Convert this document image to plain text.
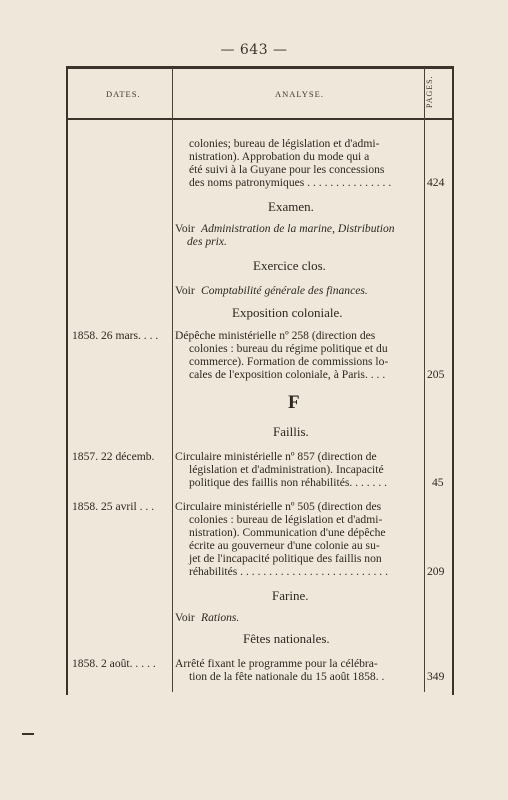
— 643 —
DATES.	ANALYSE.	PAGES.
colonies; bureau de législation et d'admi-
nistration). Approbation du mode qui a
été suivi à la Guyane pour les concessions
des noms patronymiques . . . . . . . . . . . . . . .	424
Examen.
Voir Administration de la marine, Distribution
des prix.
Exercice clos.
Voir Comptabilité générale des finances.
Exposition coloniale.
1858. 26 mars. . . . Dépêche ministérielle nº 258 (direction des
colonies : bureau du régime politique et du
commerce). Formation de commissions lo-
cales de l'exposition coloniale, à Paris. . . .	205
F
Faillis.
1857. 22 décemb. Circulaire ministérielle nº 857 (direction de
législation et d'administration). Incapacité
politique des faillis non réhabilités. . . . . . .	45
1858. 25 avril . . . Circulaire ministérielle nº 505 (direction des
colonies : bureau de législation et d'admi-
nistration). Communication d'une dépêche
écrite au gouverneur d'une colonie au su-
jet de l'incapacité politique des faillis non
réhabilités . . . . . . . . . . . . . . . . . . . . . . . . . .	209
Farine.
Voir Rations.
Fêtes nationales.
1858. 2 août. . . . . Arrêté fixant le programme pour la célébra-
tion de la fête nationale du 15 août 1858. .	349
